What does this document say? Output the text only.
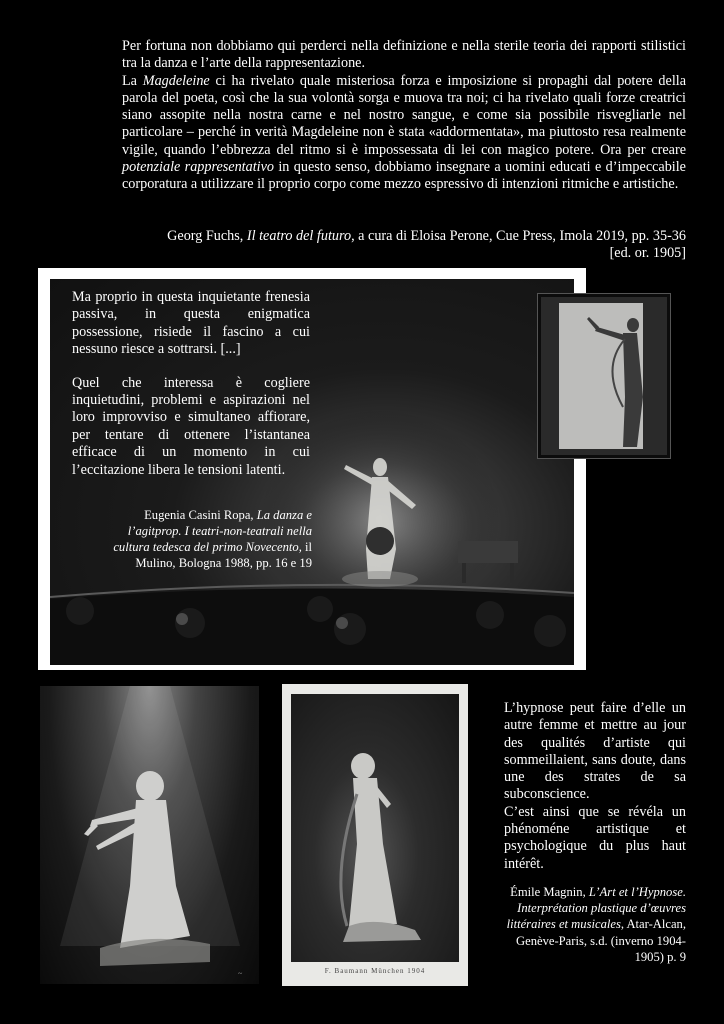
Per fortuna non dobbiamo qui perderci nella definizione e nella sterile teoria dei rapporti stilistici tra la danza e l’arte della rappresentazione.

La Magdeleine ci ha rivelato quale misteriosa forza e imposizione si propaghi dal potere della parola del poeta, così che la sua volontà sorga e muova tra noi; ci ha rivelato quali forze creatrici siano assopite nella nostra carne e nel nostro sangue, e come sia possibile risvegliarle nel particolare – perché in verità Magdeleine non è stata «addormentata», ma piuttosto resa realmente vigile, quando l’ebbrezza del ritmo si è impossessata di lei con magico potere. Ora per creare potenziale rappresentativo in questo senso, dobbiamo insegnare a uomini educati e d’impeccabile corporatura a utilizzare il proprio corpo come mezzo espressivo di intenzioni ritmiche e artistiche.

Georg Fuchs, Il teatro del futuro, a cura di Eloisa Perone, Cue Press, Imola 2019, pp. 35-36
[ed. or. 1905]

Ma proprio in questa inquietante frenesia passiva, in questa enigmatica possessione, risiede il fascino a cui nessuno riesce a sottrarsi. [...]

Quel che interessa è cogliere inquietudini, problemi e aspirazioni nel loro improvviso e simultaneo affiorare, per tentare di ottenere l’istantanea efficace di un momento in cui l’eccitazione libera le tensioni latenti.

Eugenia Casini Ropa, La danza e l’agitprop. I teatri-non-teatrali nella cultura tedesca del primo Novecento, il Mulino, Bologna 1988, pp. 16 e 19
~	F. Baumann München 1904

L’hypnose peut faire d’elle un autre femme et mettre au jour des qualités d’artiste qui sommeillaient, sans doute, dans une des strates de sa subconscience.

C’est ainsi que se révéla un phénoméne artistique et psychologique du plus haut intérêt.

Émile Magnin, L’Art et l’Hypnose. Interprétation plastique d’œuvres littéraires et musicales, Atar-Alcan, Genève-Paris, s.d. (inverno 1904-1905) p. 9
